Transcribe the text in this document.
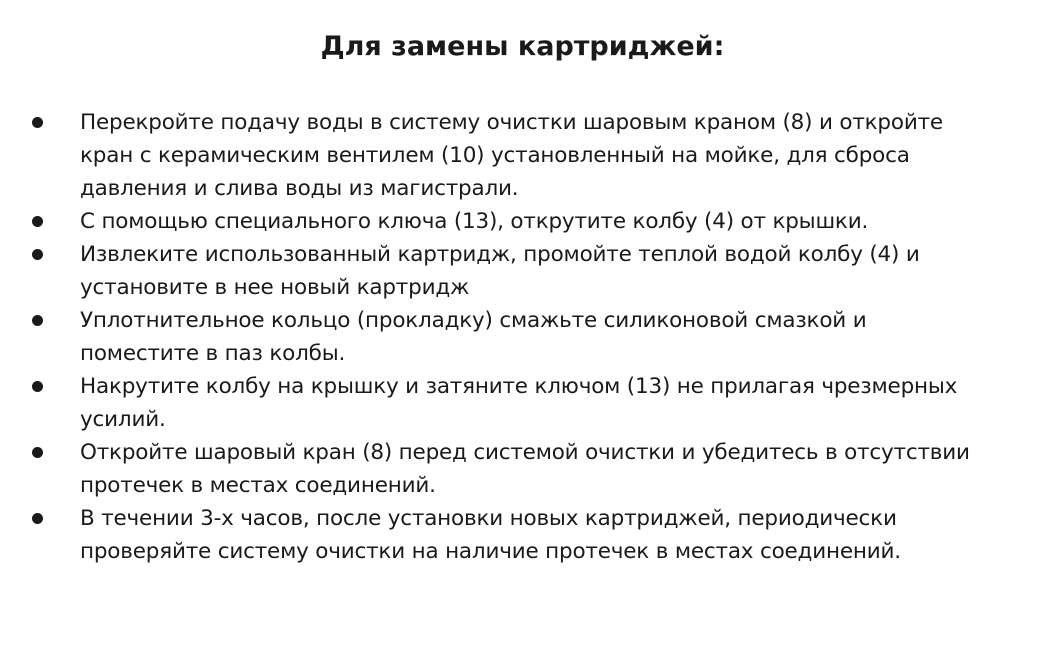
Для замены картриджей:
Перекройте подачу воды в систему очистки шаровым краном (8) и откройте
кран с керамическим вентилем (10) установленный на мойке, для сброса
давления и слива воды из магистрали.
С помощью специального ключа (13), открутите колбу (4) от крышки.
Извлеките использованный картридж, промойте теплой водой колбу (4) и
установите в нее новый картридж
Уплотнительное кольцо (прокладку) смажьте силиконовой смазкой и
поместите в паз колбы.
Накрутите колбу на крышку и затяните ключом (13) не прилагая чрезмерных
усилий.
Откройте шаровый кран (8) перед системой очистки и убедитесь в отсутствии
протечек в местах соединений.
В течении 3-х часов, после установки новых картриджей, периодически
проверяйте систему очистки на наличие протечек в местах соединений.
